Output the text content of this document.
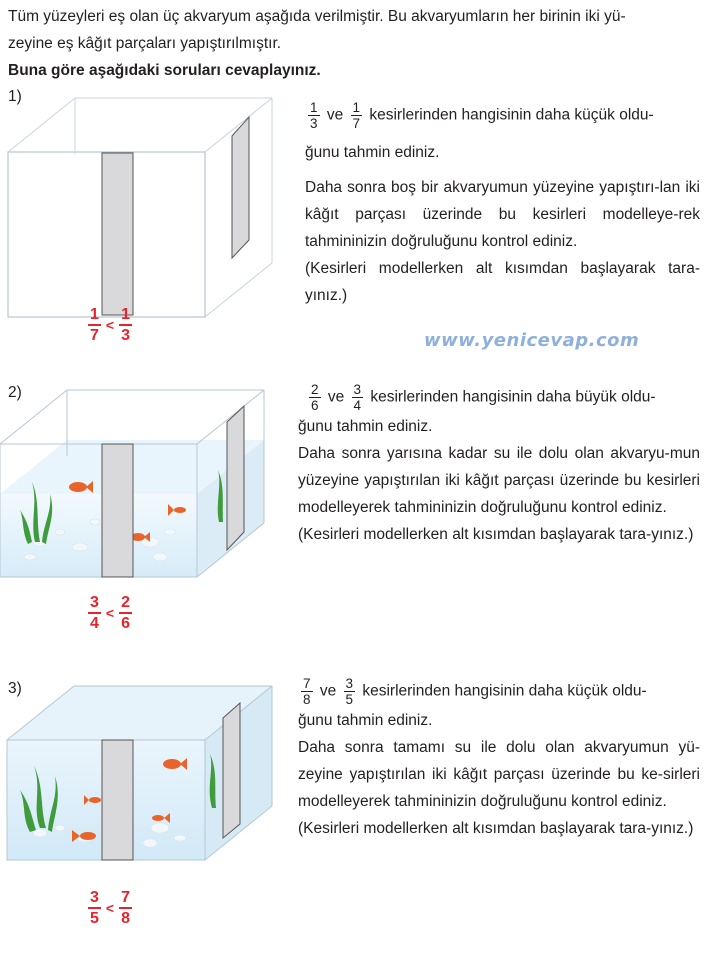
Tüm yüzeyleri eş olan üç akvaryum aşağıda verilmiştir. Bu akvaryumların her birinin iki yü-
zeyine eş kâğıt parçaları yapıştırılmıştır.
Buna göre aşağıdaki soruları cevaplayınız.
1)
$\frac{1}{7} < \frac{1}{3}$
$\frac{1}{3}$ ve $\frac{1}{7}$ kesirlerinden hangisinin daha küçük oldu-
ğunu tahmin ediniz.
Daha sonra boş bir akvaryumun yüzeyine yapıştırı-lan iki kâğıt parçası üzerinde bu kesirleri modelleye-rek tahmininizin doğruluğunu kontrol ediniz.
(Kesirleri modellerken alt kısımdan başlayarak tara-yınız.)
www.yenicevap.com
2)
$\frac{3}{4} < \frac{2}{6}$
$\frac{2}{6}$ ve $\frac{3}{4}$ kesirlerinden hangisinin daha büyük oldu-
ğunu tahmin ediniz.
Daha sonra yarısına kadar su ile dolu olan akvaryu-mun yüzeyine yapıştırılan iki kâğıt parçası üzerinde bu kesirleri modelleyerek tahmininizin doğruluğunu kontrol ediniz.
(Kesirleri modellerken alt kısımdan başlayarak tara-yınız.)
3)
$\frac{3}{5} < \frac{7}{8}$
$\frac{7}{8}$ ve $\frac{3}{5}$ kesirlerinden hangisinin daha küçük oldu-
ğunu tahmin ediniz.
Daha sonra tamamı su ile dolu olan akvaryumun yü-zeyine yapıştırılan iki kâğıt parçası üzerinde bu ke-sirleri modelleyerek tahmininizin doğruluğunu kontrol ediniz.
(Kesirleri modellerken alt kısımdan başlayarak tara-yınız.)
